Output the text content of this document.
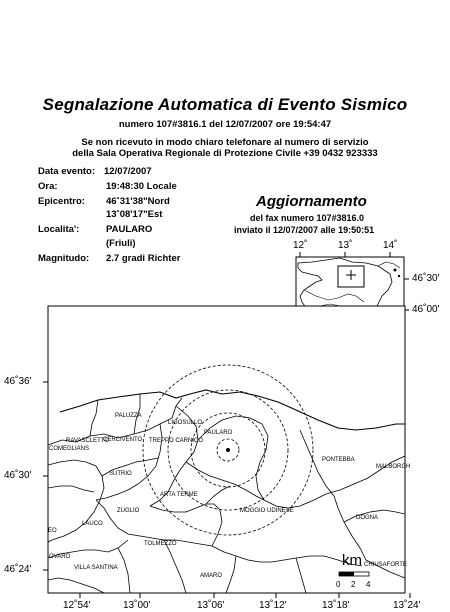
Segnalazione Automatica di Evento Sismico
numero 107#3816.1 del 12/07/2007 ore 19:54:47
Se non ricevuto in modo chiaro telefonare al numero di servizio
della Sala Operativa Regionale di Protezione Civile +39 0432 923333
Data evento: 12/07/2007
Ora:	19:48:30 Locale
Epicentro: 46˚31'38"Nord
13˚08'17"Est
Localita':	PAULARO
(Friuli)
Magnitudo: 2.7 gradi Richter
Aggiornamento
del fax numero 107#3816.0
inviato il 12/07/2007 alle 19:50:51
12˚	13˚	14˚
46˚30'
46˚00'
46˚36'
46˚30'
46˚24'
12˚54'	13˚00'	13˚06'	13˚12'	13˚18'	13˚24'
km
0 2 4
PALUZZA
LIGOSULLO
PAULARO
RAVASCLETTO
CERCIVENTO TREPPO CARNICO
COMEGLIANS
SUTRIO
PONTEBBA
MALBORGH
ARTA TERME
ZUGLIO	MOGGIO UDINESE
LAUCO
DOGNA
EO
TOLMEZZO
OVARO
VILLA SANTINA
AMARO
CHIUSAFORTE
